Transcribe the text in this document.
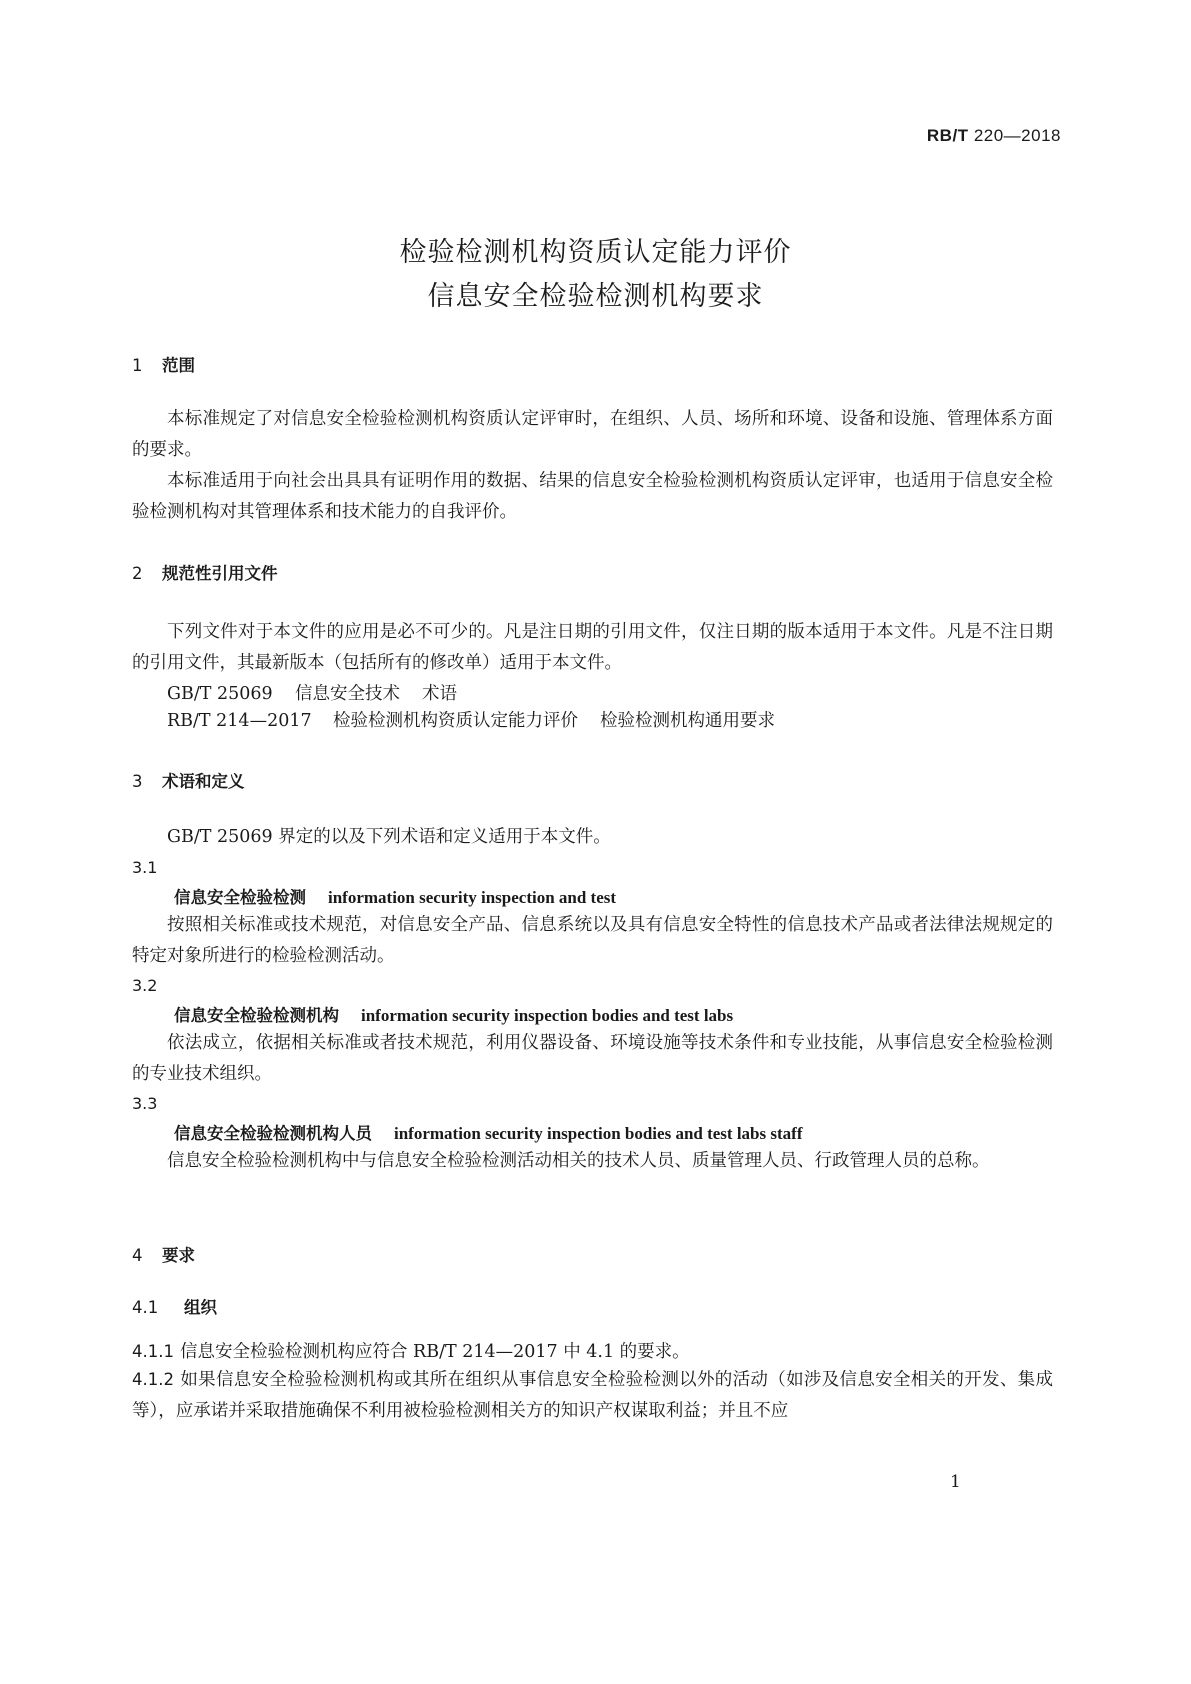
RB/T 220—2018
检验检测机构资质认定能力评价
信息安全检验检测机构要求
1 范围
本标准规定了对信息安全检验检测机构资质认定评审时，在组织、人员、场所和环境、设备和设施、管理体系方面的要求。
本标准适用于向社会出具具有证明作用的数据、结果的信息安全检验检测机构资质认定评审，也适用于信息安全检验检测机构对其管理体系和技术能力的自我评价。
2 规范性引用文件
下列文件对于本文件的应用是必不可少的。凡是注日期的引用文件，仅注日期的版本适用于本文件。凡是不注日期的引用文件，其最新版本（包括所有的修改单）适用于本文件。
GB/T 25069 信息安全技术 术语
RB/T 214—2017 检验检测机构资质认定能力评价 检验检测机构通用要求
3 术语和定义
GB/T 25069 界定的以及下列术语和定义适用于本文件。
3.1
信息安全检验检测 information security inspection and test
按照相关标准或技术规范，对信息安全产品、信息系统以及具有信息安全特性的信息技术产品或者法律法规规定的特定对象所进行的检验检测活动。
3.2
信息安全检验检测机构 information security inspection bodies and test labs
依法成立，依据相关标准或者技术规范，利用仪器设备、环境设施等技术条件和专业技能，从事信息安全检验检测的专业技术组织。
3.3
信息安全检验检测机构人员 information security inspection bodies and test labs staff
信息安全检验检测机构中与信息安全检验检测活动相关的技术人员、质量管理人员、行政管理人员的总称。
4 要求
4.1 组织
4.1.1 信息安全检验检测机构应符合 RB/T 214—2017 中 4.1 的要求。
4.1.2 如果信息安全检验检测机构或其所在组织从事信息安全检验检测以外的活动（如涉及信息安全相关的开发、集成等），应承诺并采取措施确保不利用被检验检测相关方的知识产权谋取利益；并且不应
1
